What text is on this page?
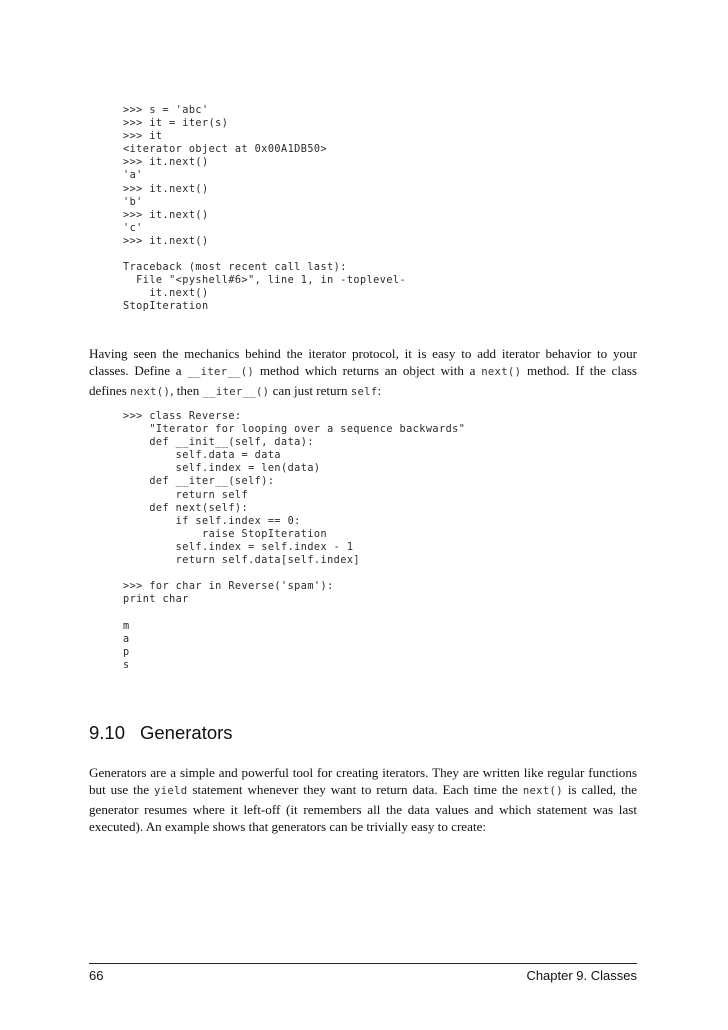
>>> s = 'abc'
>>> it = iter(s)
>>> it
<iterator object at 0x00A1DB50>
>>> it.next()
'a'
>>> it.next()
'b'
>>> it.next()
'c'
>>> it.next()
Traceback (most recent call last):
File "<pyshell#6>", line 1, in -toplevel-
it.next()
StopIteration

Having seen the mechanics behind the iterator protocol, it is easy to add iterator behavior to your classes. Define a __iter__() method which returns an object with a next() method. If the class defines next(), then __iter__() can just return self:

>>> class Reverse:
"Iterator for looping over a sequence backwards"
def __init__(self, data):
self.data = data
self.index = len(data)
def __iter__(self):
return self
def next(self):
if self.index == 0:
raise StopIteration
self.index = self.index - 1
return self.data[self.index]
>>> for char in Reverse('spam'):
print char
m
a
p
s
9.10 Generators

Generators are a simple and powerful tool for creating iterators. They are written like regular functions but use the yield statement whenever they want to return data. Each time the next() is called, the generator resumes where it left-off (it remembers all the data values and which statement was last executed). An example shows that generators can be trivially easy to create:

66	Chapter 9. Classes
